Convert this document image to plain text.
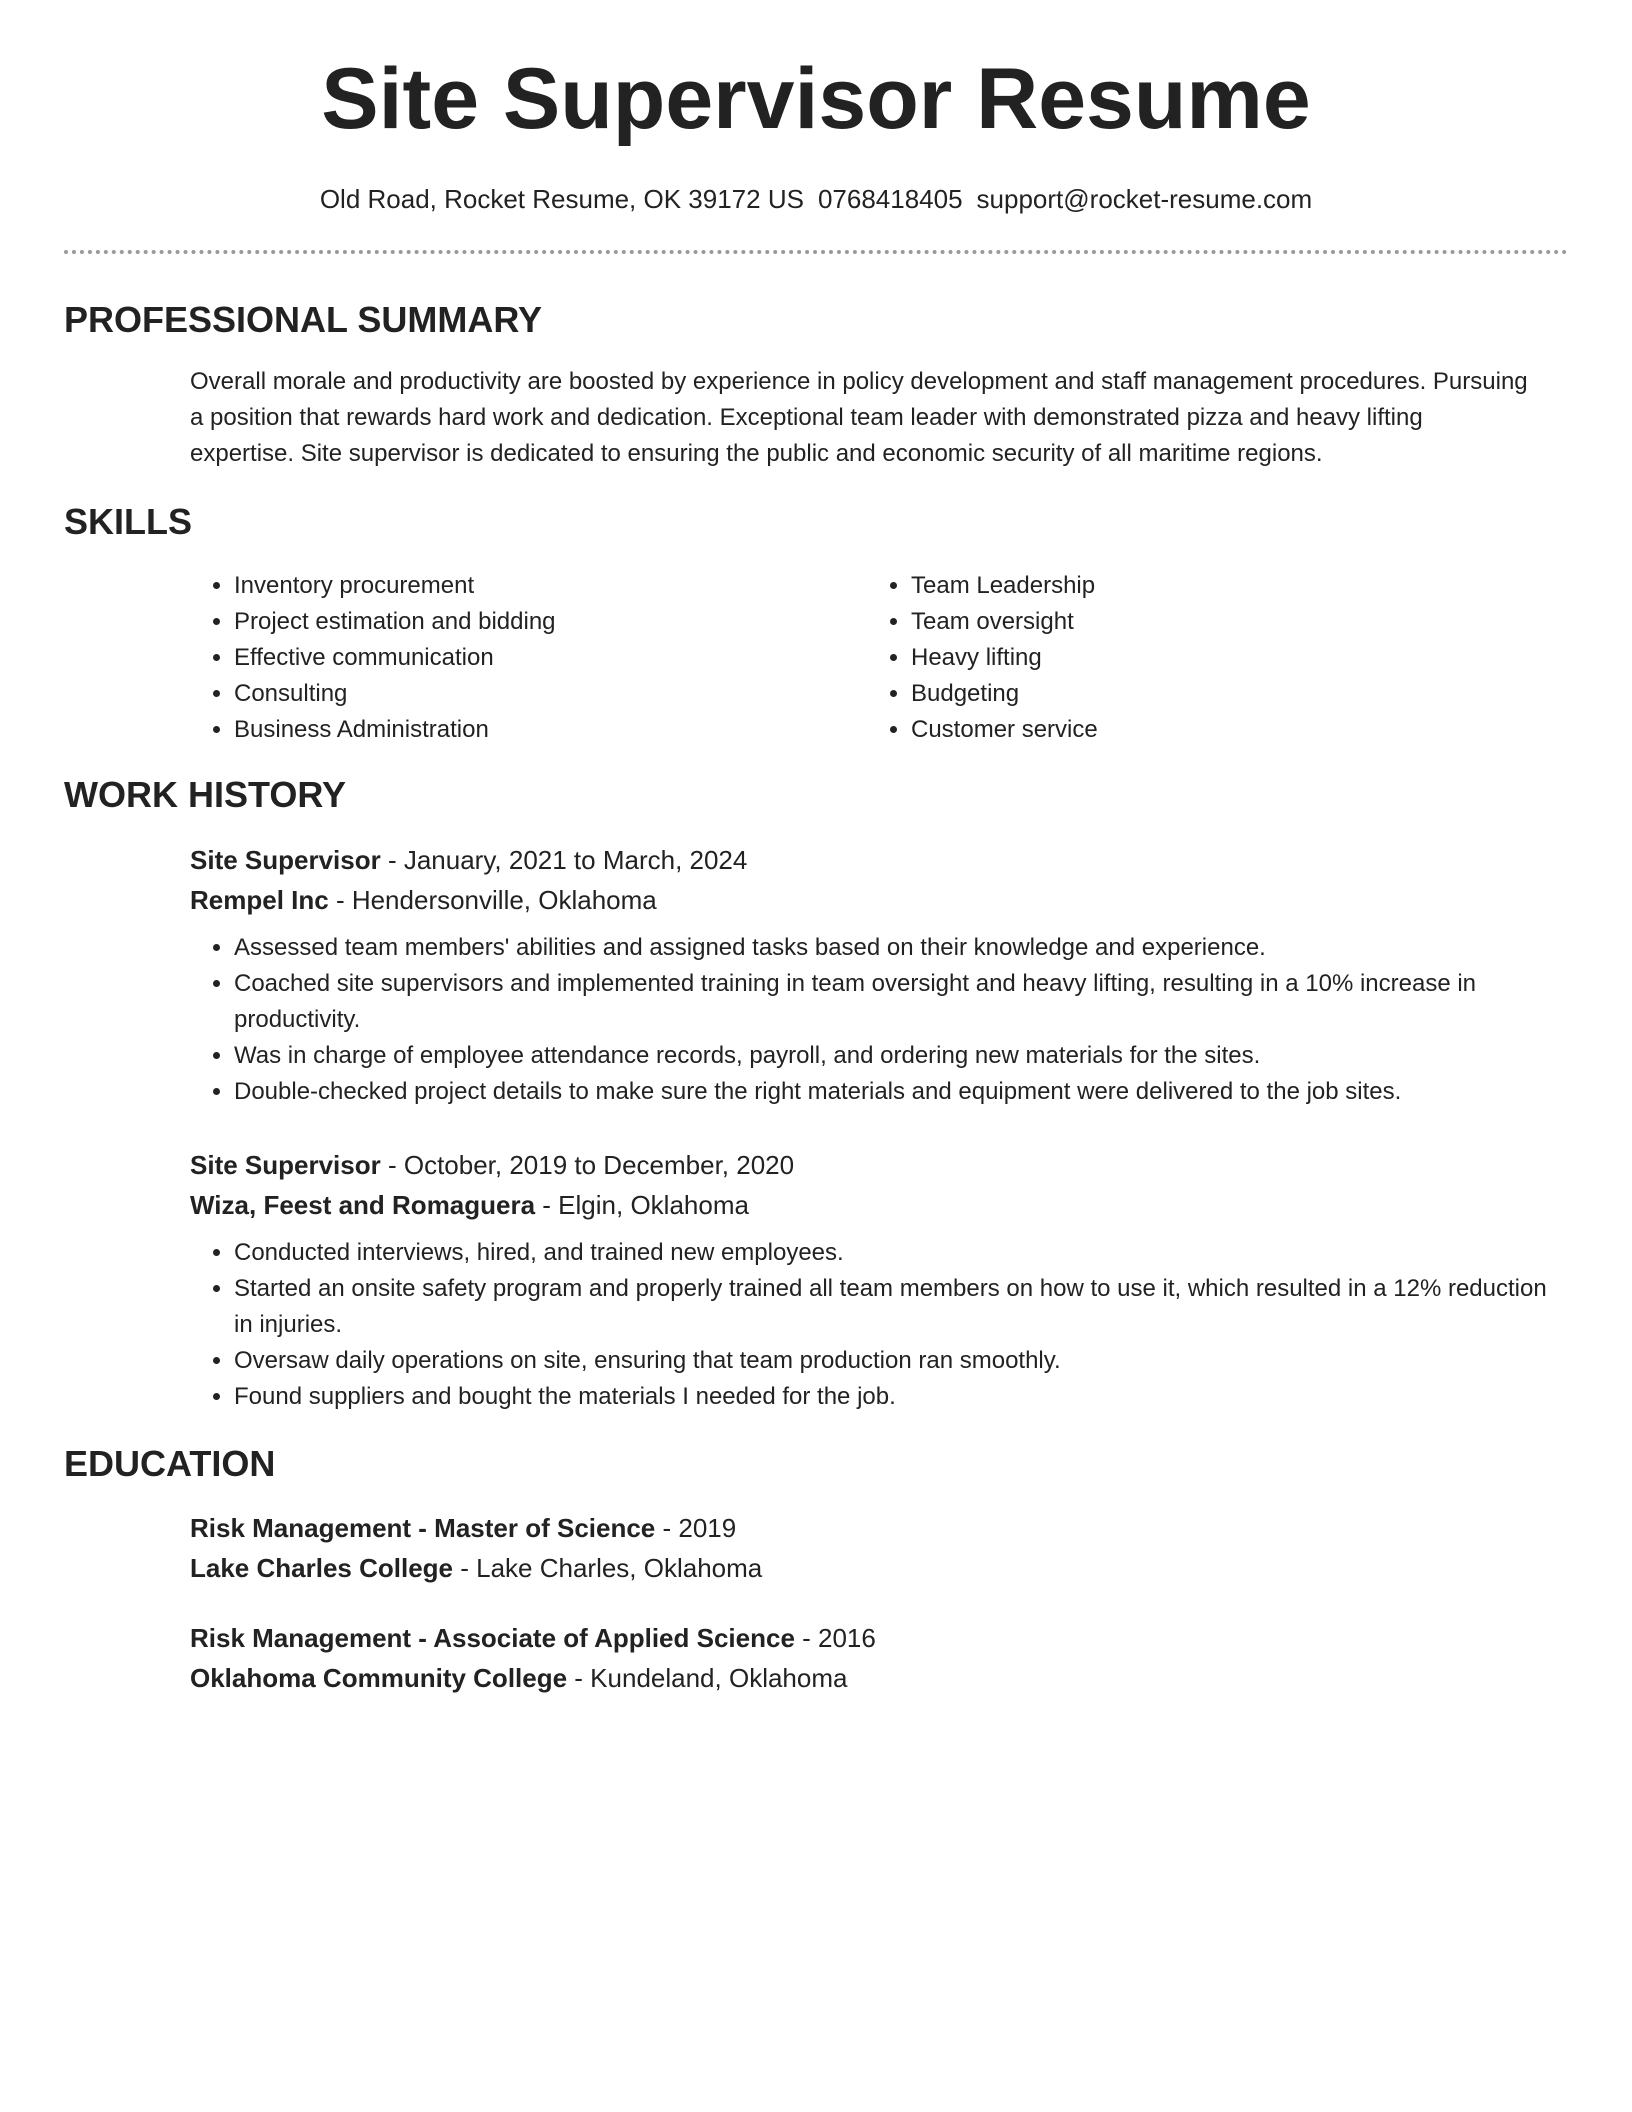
Site Supervisor Resume
Old Road, Rocket Resume, OK 39172 US 0768418405 support@rocket-resume.com
PROFESSIONAL SUMMARY

Overall morale and productivity are boosted by experience in policy development and staff management procedures. Pursuing a position that rewards hard work and dedication. Exceptional team leader with demonstrated pizza and heavy lifting expertise. Site supervisor is dedicated to ensuring the public and economic security of all maritime regions.

SKILLS
• Inventory procurement
• Project estimation and bidding
• Effective communication
• Consulting
• Business Administration
• Team Leadership
• Team oversight
• Heavy lifting
• Budgeting
• Customer service
WORK HISTORY

Site Supervisor - January, 2021 to March, 2024

Rempel Inc - Hendersonville, Oklahoma

• Assessed team members' abilities and assigned tasks based on their knowledge and experience.
• Coached site supervisors and implemented training in team oversight and heavy lifting, resulting in a 10% increase in productivity.
• Was in charge of employee attendance records, payroll, and ordering new materials for the sites.
• Double-checked project details to make sure the right materials and equipment were delivered to the job sites.

Site Supervisor - October, 2019 to December, 2020

Wiza, Feest and Romaguera - Elgin, Oklahoma

• Conducted interviews, hired, and trained new employees.
• Started an onsite safety program and properly trained all team members on how to use it, which resulted in a 12% reduction in injuries.
• Oversaw daily operations on site, ensuring that team production ran smoothly.
• Found suppliers and bought the materials I needed for the job.
EDUCATION

Risk Management - Master of Science - 2019

Lake Charles College - Lake Charles, Oklahoma

Risk Management - Associate of Applied Science - 2016

Oklahoma Community College - Kundeland, Oklahoma
